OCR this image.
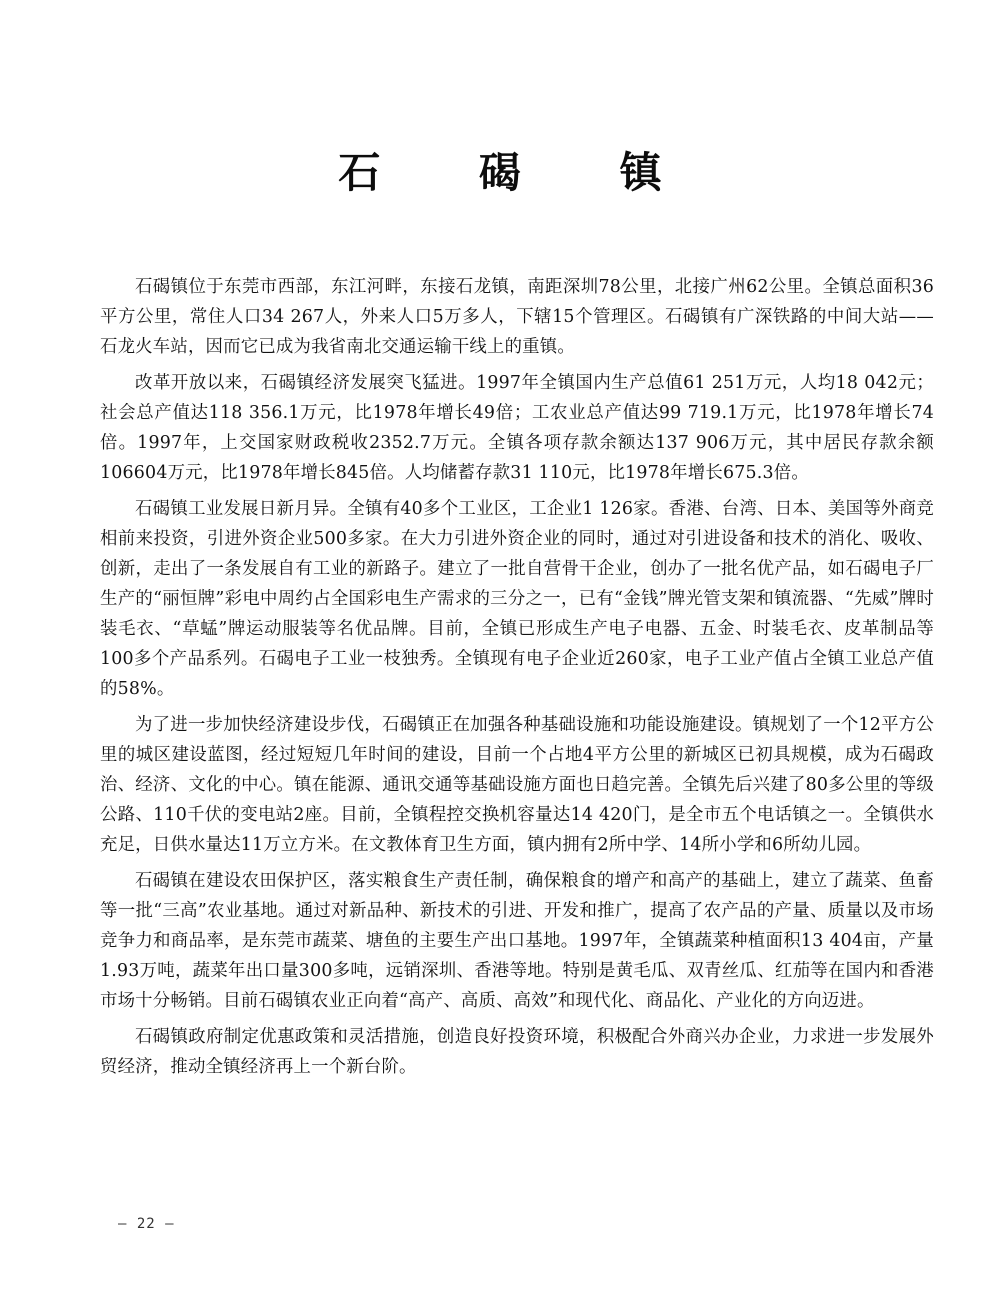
石 碣 镇

石碣镇位于东莞市西部，东江河畔，东接石龙镇，南距深圳78公里，北接广州62公里。全镇总面积36平方公里，常住人口34 267人，外来人口5万多人，下辖15个管理区。石碣镇有广深铁路的中间大站——石龙火车站，因而它已成为我省南北交通运输干线上的重镇。

改革开放以来，石碣镇经济发展突飞猛进。1997年全镇国内生产总值61 251万元，人均18 042元；社会总产值达118 356.1万元，比1978年增长49倍；工农业总产值达99 719.1万元，比1978年增长74倍。1997年，上交国家财政税收2352.7万元。全镇各项存款余额达137 906万元，其中居民存款余额106604万元，比1978年增长845倍。人均储蓄存款31 110元，比1978年增长675.3倍。

石碣镇工业发展日新月异。全镇有40多个工业区，工企业1 126家。香港、台湾、日本、美国等外商竞相前来投资，引进外资企业500多家。在大力引进外资企业的同时，通过对引进设备和技术的消化、吸收、创新，走出了一条发展自有工业的新路子。建立了一批自营骨干企业，创办了一批名优产品，如石碣电子厂生产的“丽恒牌”彩电中周约占全国彩电生产需求的三分之一，已有“金钱”牌光管支架和镇流器、“先威”牌时装毛衣、“草蜢”牌运动服装等名优品牌。目前，全镇已形成生产电子电器、五金、时装毛衣、皮革制品等100多个产品系列。石碣电子工业一枝独秀。全镇现有电子企业近260家，电子工业产值占全镇工业总产值的58%。

为了进一步加快经济建设步伐，石碣镇正在加强各种基础设施和功能设施建设。镇规划了一个12平方公里的城区建设蓝图，经过短短几年时间的建设，目前一个占地4平方公里的新城区已初具规模，成为石碣政治、经济、文化的中心。镇在能源、通讯交通等基础设施方面也日趋完善。全镇先后兴建了80多公里的等级公路、110千伏的变电站2座。目前，全镇程控交换机容量达14 420门，是全市五个电话镇之一。全镇供水充足，日供水量达11万立方米。在文教体育卫生方面，镇内拥有2所中学、14所小学和6所幼儿园。

石碣镇在建设农田保护区，落实粮食生产责任制，确保粮食的增产和高产的基础上，建立了蔬菜、鱼畜等一批“三高”农业基地。通过对新品种、新技术的引进、开发和推广，提高了农产品的产量、质量以及市场竞争力和商品率，是东莞市蔬菜、塘鱼的主要生产出口基地。1997年，全镇蔬菜种植面积13 404亩，产量1.93万吨，蔬菜年出口量300多吨，远销深圳、香港等地。特别是黄毛瓜、双青丝瓜、红茄等在国内和香港市场十分畅销。目前石碣镇农业正向着“高产、高质、高效”和现代化、商品化、产业化的方向迈进。

石碣镇政府制定优惠政策和灵活措施，创造良好投资环境，积极配合外商兴办企业，力求进一步发展外贸经济，推动全镇经济再上一个新台阶。

— 22 —
